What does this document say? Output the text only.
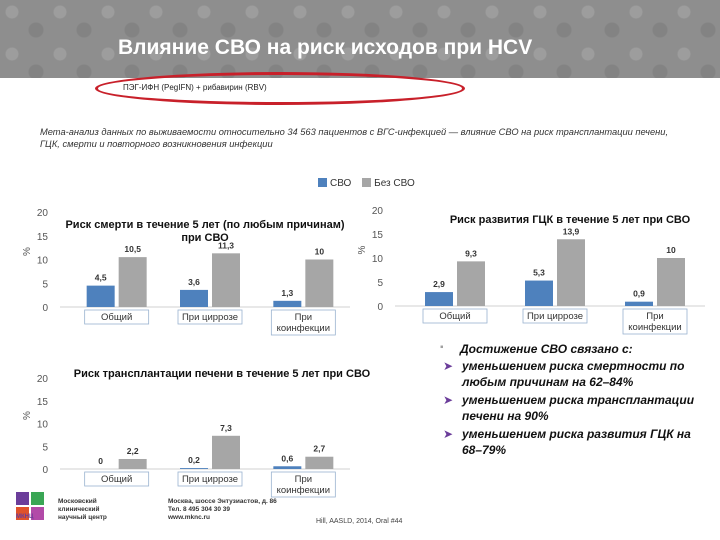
Влияние СВО на риск исходов при HCV
ПЭГ-ИФН (PegIFN) + рибавирин (RBV)
Мета-анализ данных по выживаемости относительно 34 563 пациентов с ВГС-инфекцией — влияние СВО на риск трансплантации печени, ГЦК, смерти и повторного возникновения инфекции
СВО Без СВО
Риск смерти в течение 5 лет (по любым причинам) при СВО
0
5
10
15
20
%
4,5
10,5
Общий
3,6
11,3
При циррозе
1,3
10
При
коинфекции
Риск развития ГЦК в течение 5 лет при СВО
0
5
10
15
20
%
2,9
9,3
Общий
5,3
13,9
При циррозе
0,9
10
При
коинфекции
Риск трансплантации печени в течение 5 лет при СВО
0
5
10
15
20
%
0
2,2
Общий
0,2
7,3
При циррозе
0,6
2,7
При
коинфекции
▪ Достижение СВО связано с:
➤ уменьшением риска смертности по любым причинам на 62–84%
➤ уменьшением риска трансплантации печени на 90%
➤ уменьшением риска развития ГЦК на 68–79%
МКНЦ
Московский
клинический
научный центр
Москва, шоссе Энтузиастов, д. 86
Тел. 8 495 304 30 39
www.mknc.ru
Hill, AASLD, 2014, Oral #44
